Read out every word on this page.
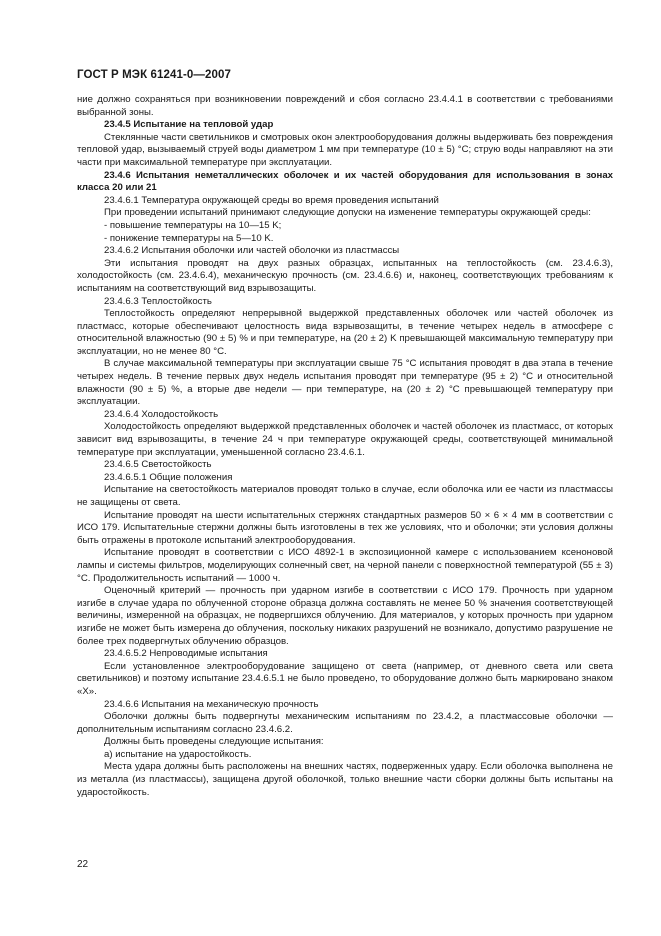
ГОСТ Р МЭК 61241-0—2007

ние должно сохраняться при возникновении повреждений и сбоя согласно 23.4.4.1 в соответствии с требованиями выбранной зоны.

23.4.5 Испытание на тепловой удар

Стеклянные части светильников и смотровых окон электрооборудования должны выдерживать без повреждения тепловой удар, вызываемый струей воды диаметром 1 мм при температуре (10 ± 5) °C; струю воды направляют на эти части при максимальной температуре при эксплуатации.

23.4.6 Испытания неметаллических оболочек и их частей оборудования для использования в зонах класса 20 или 21

23.4.6.1 Температура окружающей среды во время проведения испытаний

При проведении испытаний принимают следующие допуски на изменение температуры окружающей среды:

- повышение температуры на 10—15 K;

- понижение температуры на 5—10 K.

23.4.6.2 Испытания оболочки или частей оболочки из пластмассы

Эти испытания проводят на двух разных образцах, испытанных на теплостойкость (см. 23.4.6.3), холодостойкость (см. 23.4.6.4), механическую прочность (см. 23.4.6.6) и, наконец, соответствующих требованиям к испытаниям на соответствующий вид взрывозащиты.

23.4.6.3 Теплостойкость

Теплостойкость определяют непрерывной выдержкой представленных оболочек или частей оболочек из пластмасс, которые обеспечивают целостность вида взрывозащиты, в течение четырех недель в атмосфере с относительной влажностью (90 ± 5) % и при температуре, на (20 ± 2) K превышающей максимальную температуру при эксплуатации, но не менее 80 °C.

В случае максимальной температуры при эксплуатации свыше 75 °C испытания проводят в два этапа в течение четырех недель. В течение первых двух недель испытания проводят при температуре (95 ± 2) °C и относительной влажности (90 ± 5) %, а вторые две недели — при температуре, на (20 ± 2) °C превышающей температуру при эксплуатации.

23.4.6.4 Холодостойкость

Холодостойкость определяют выдержкой представленных оболочек и частей оболочек из пластмасс, от которых зависит вид взрывозащиты, в течение 24 ч при температуре окружающей среды, соответствующей минимальной температуре при эксплуатации, уменьшенной согласно 23.4.6.1.

23.4.6.5 Светостойкость

23.4.6.5.1 Общие положения

Испытание на светостойкость материалов проводят только в случае, если оболочка или ее части из пластмассы не защищены от света.

Испытание проводят на шести испытательных стержнях стандартных размеров 50 × 6 × 4 мм в соответствии с ИСО 179. Испытательные стержни должны быть изготовлены в тех же условиях, что и оболочки; эти условия должны быть отражены в протоколе испытаний электрооборудования.

Испытание проводят в соответствии с ИСО 4892-1 в экспозиционной камере с использованием ксеноновой лампы и системы фильтров, моделирующих солнечный свет, на черной панели с поверхностной температурой (55 ± 3) °C. Продолжительность испытаний — 1000 ч.

Оценочный критерий — прочность при ударном изгибе в соответствии с ИСО 179. Прочность при ударном изгибе в случае удара по облученной стороне образца должна составлять не менее 50 % значения соответствующей величины, измеренной на образцах, не подвергшихся облучению. Для материалов, у которых прочность при ударном изгибе не может быть измерена до облучения, поскольку никаких разрушений не возникало, допустимо разрушение не более трех подвергнутых облучению образцов.

23.4.6.5.2 Непроводимые испытания

Если установленное электрооборудование защищено от света (например, от дневного света или света светильников) и поэтому испытание 23.4.6.5.1 не было проведено, то оборудование должно быть маркировано знаком «X».

23.4.6.6 Испытания на механическую прочность

Оболочки должны быть подвергнуты механическим испытаниям по 23.4.2, а пластмассовые оболочки — дополнительным испытаниям согласно 23.4.6.2.

Должны быть проведены следующие испытания:

а) испытание на ударостойкость.

Места удара должны быть расположены на внешних частях, подверженных удару. Если оболочка выполнена не из металла (из пластмассы), защищена другой оболочкой, только внешние части сборки должны быть испытаны на ударостойкость.

22
